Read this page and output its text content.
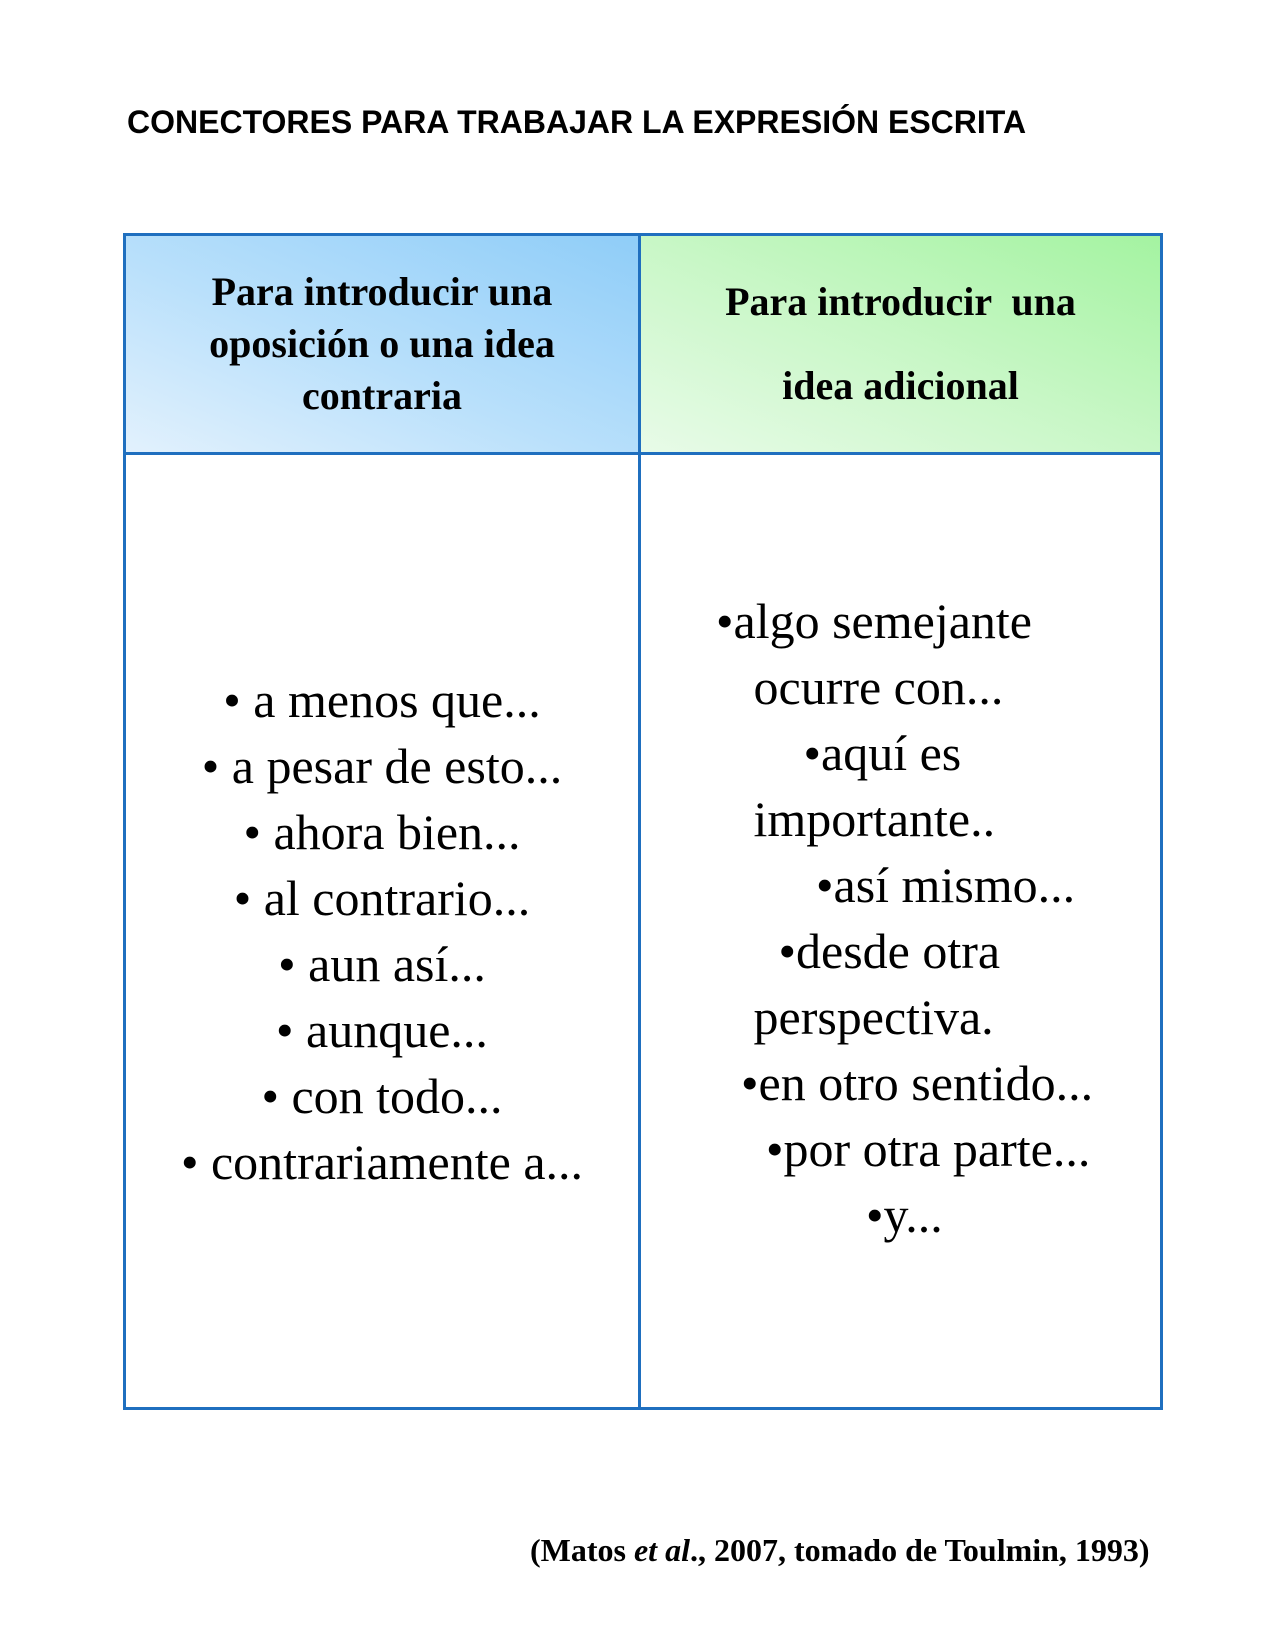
CONECTORES PARA TRABAJAR LA EXPRESIÓN ESCRITA
Para introducir una oposición o una idea contraria
Para introducir  una
idea adicional
• a menos que...
• a pesar de esto...
• ahora bien...
• al contrario...
• aun así...
• aunque...
• con todo...
• contrariamente a...
•algo semejante
ocurre con...
•aquí es
importante..
•así mismo...
•desde otra
perspectiva.
•en otro sentido...
•por otra parte...
•y...

(Matos et al., 2007, tomado de Toulmin, 1993)
